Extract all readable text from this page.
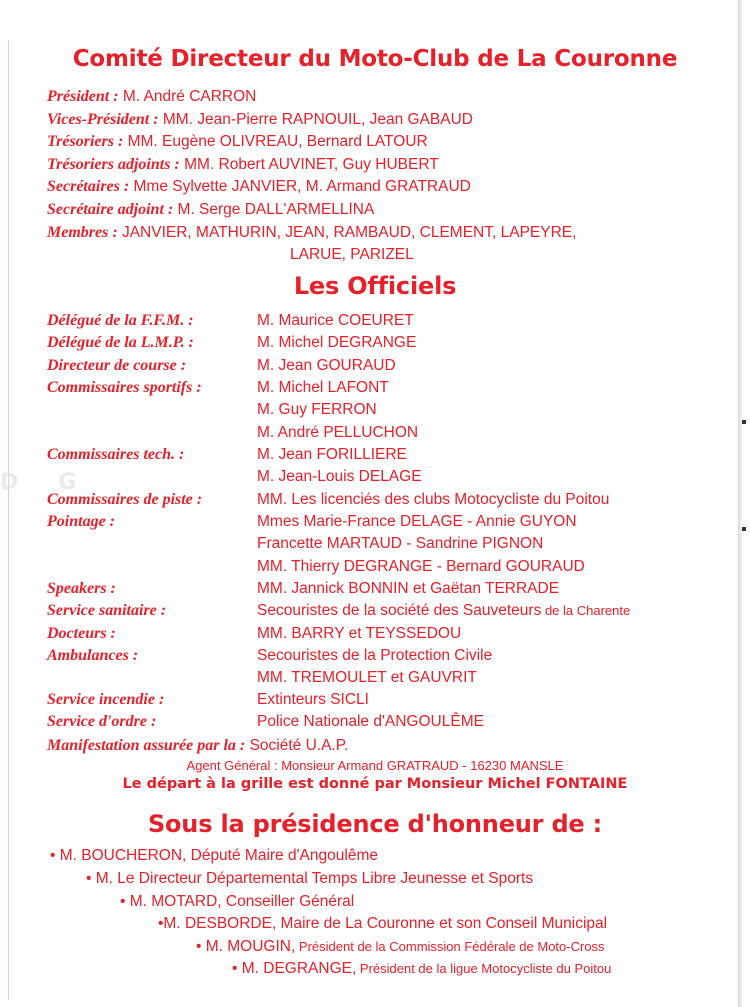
DG
Comité Directeur du Moto-Club de La Couronne
Président : M. André CARRON
Vices-Président : MM. Jean-Pierre RAPNOUIL, Jean GABAUD
Trésoriers : MM. Eugène OLIVREAU, Bernard LATOUR
Trésoriers adjoints : MM. Robert AUVINET, Guy HUBERT
Secrétaires : Mme Sylvette JANVIER, M. Armand GRATRAUD
Secrétaire adjoint : M. Serge DALL'ARMELLINA
Membres : JANVIER, MATHURIN, JEAN, RAMBAUD, CLEMENT, LAPEYRE,
LARUE, PARIZEL
Les Officiels
Délégué de la F.F.M. :	M. Maurice COEURET
Délégué de la L.M.P. :	M. Michel DEGRANGE
Directeur de course :	M. Jean GOURAUD
Commissaires sportifs :	M. Michel LAFONT
M. Guy FERRON
M. André PELLUCHON
Commissaires tech. :	M. Jean FORILLIERE
M. Jean-Louis DELAGE
Commissaires de piste :	MM. Les licenciés des clubs Motocycliste du Poitou
Pointage :	Mmes Marie-France DELAGE - Annie GUYON
Francette MARTAUD - Sandrine PIGNON
MM. Thierry DEGRANGE - Bernard GOURAUD
Speakers :	MM. Jannick BONNIN et Gaëtan TERRADE
Service sanitaire :	Secouristes de la société des Sauveteurs de la Charente
Docteurs :	MM. BARRY et TEYSSEDOU
Ambulances :	Secouristes de la Protection Civile
MM. TREMOULET et GAUVRIT
Service incendie :	Extinteurs SICLI
Service d'ordre :	Police Nationale d'ANGOULÊME
Manifestation assurée par la : Société U.A.P.
Agent Général : Monsieur Armand GRATRAUD - 16230 MANSLE
Le départ à la grille est donné par Monsieur Michel FONTAINE
Sous la présidence d'honneur de :
• M. BOUCHERON, Député Maire d'Angoulême
• M. Le Directeur Départemental Temps Libre Jeunesse et Sports
• M. MOTARD, Conseiller Général
•M. DESBORDE, Maire de La Couronne et son Conseil Municipal
• M. MOUGIN, Président de la Commission Fédérale de Moto-Cross
• M. DEGRANGE, Président de la ligue Motocycliste du Poitou
